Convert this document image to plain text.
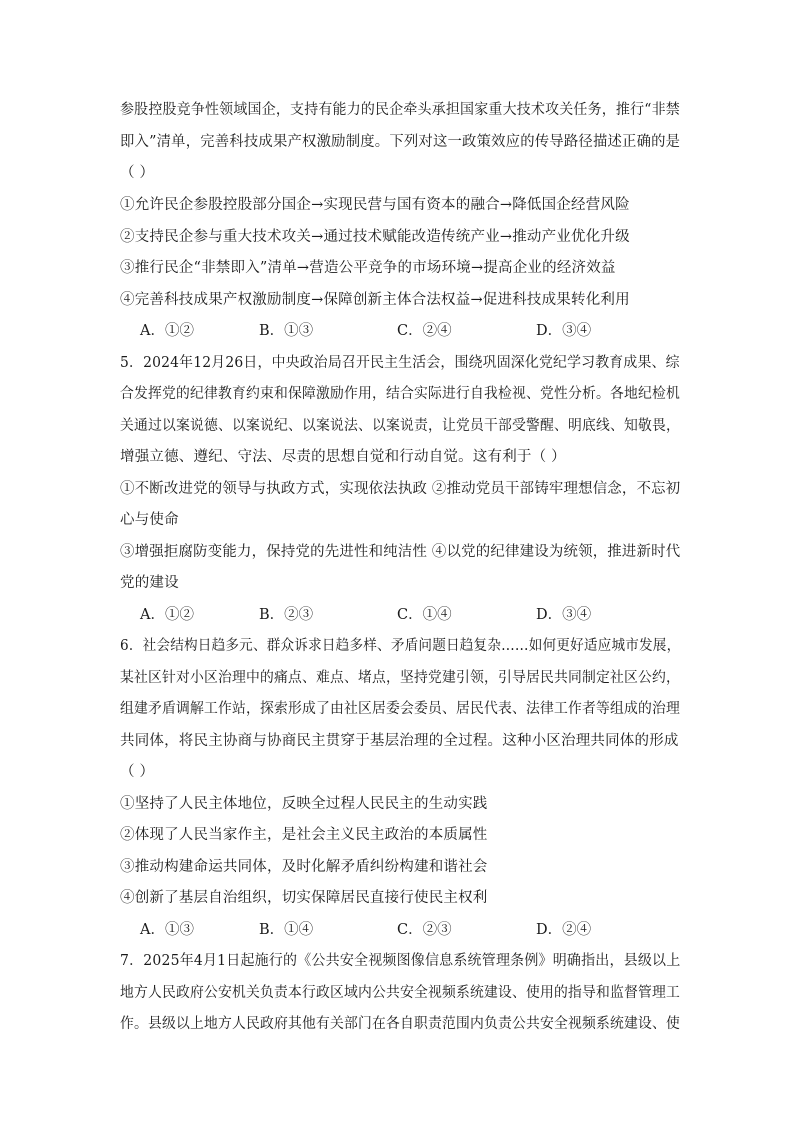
参股控股竞争性领域国企，支持有能力的民企牵头承担国家重大技术攻关任务，推行“非禁
即入”清单，完善科技成果产权激励制度。下列对这一政策效应的传导路径描述正确的是
（ ）
①允许民企参股控股部分国企→实现民营与国有资本的融合→降低国企经营风险
②支持民企参与重大技术攻关→通过技术赋能改造传统产业→推动产业优化升级
③推行民企“非禁即入”清单→营造公平竞争的市场环境→提高企业的经济效益
④完善科技成果产权激励制度→保障创新主体合法权益→促进科技成果转化利用
A．①②	B．①③	C．②④	D．③④
5．2024年12月26日，中央政治局召开民主生活会，围绕巩固深化党纪学习教育成果、综
合发挥党的纪律教育约束和保障激励作用，结合实际进行自我检视、党性分析。各地纪检机
关通过以案说德、以案说纪、以案说法、以案说责，让党员干部受警醒、明底线、知敬畏，
增强立德、遵纪、守法、尽责的思想自觉和行动自觉。这有利于（ ）
①不断改进党的领导与执政方式，实现依法执政 ②推动党员干部铸牢理想信念，不忘初
心与使命
③增强拒腐防变能力，保持党的先进性和纯洁性 ④以党的纪律建设为统领，推进新时代
党的建设
A．①②	B．②③	C．①④	D．③④
6．社会结构日趋多元、群众诉求日趋多样、矛盾问题日趋复杂……如何更好适应城市发展，
某社区针对小区治理中的痛点、难点、堵点，坚持党建引领，引导居民共同制定社区公约，
组建矛盾调解工作站，探索形成了由社区居委会委员、居民代表、法律工作者等组成的治理
共同体，将民主协商与协商民主贯穿于基层治理的全过程。这种小区治理共同体的形成
（ ）
①坚持了人民主体地位，反映全过程人民民主的生动实践
②体现了人民当家作主，是社会主义民主政治的本质属性
③推动构建命运共同体，及时化解矛盾纠纷构建和谐社会
④创新了基层自治组织，切实保障居民直接行使民主权利
A．①③	B．①④	C．②③	D．②④
7．2025年4月1日起施行的《公共安全视频图像信息系统管理条例》明确指出，县级以上
地方人民政府公安机关负责本行政区域内公共安全视频系统建设、使用的指导和监督管理工
作。县级以上地方人民政府其他有关部门在各自职责范围内负责公共安全视频系统建设、使
